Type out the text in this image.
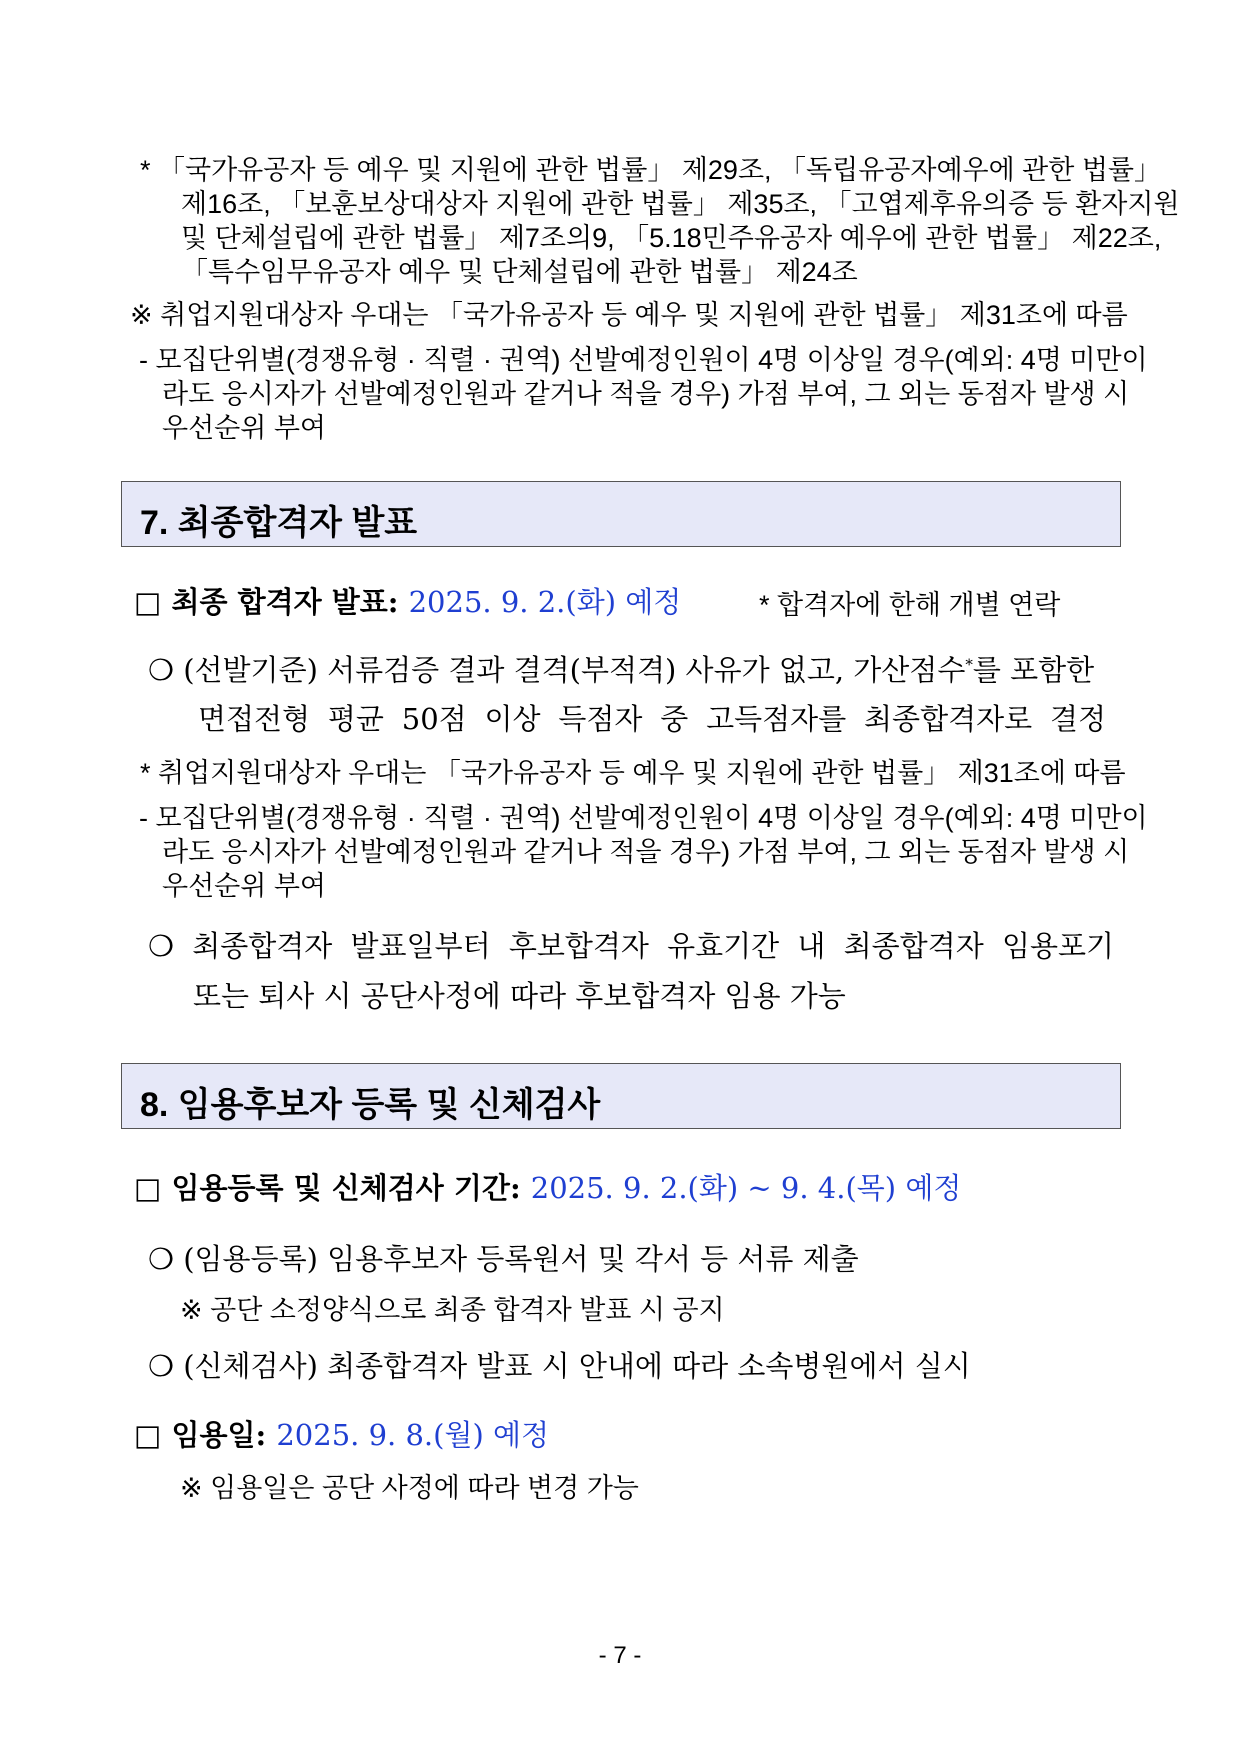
* 「국가유공자 등 예우 및 지원에 관한 법률」 제29조, 「독립유공자예우에 관한 법률」
제16조, 「보훈보상대상자 지원에 관한 법률」 제35조, 「고엽제후유의증 등 환자지원
및 단체설립에 관한 법률」 제7조의9, 「5.18민주유공자 예우에 관한 법률」 제22조,
「특수임무유공자 예우 및 단체설립에 관한 법률」 제24조
※ 취업지원대상자 우대는 「국가유공자 등 예우 및 지원에 관한 법률」 제31조에 따름
- 모집단위별(경쟁유형 · 직렬 · 권역) 선발예정인원이 4명 이상일 경우(예외: 4명 미만이
라도 응시자가 선발예정인원과 같거나 적을 경우) 가점 부여, 그 외는 동점자 발생 시
우선순위 부여
7. 최종합격자 발표
□ 최종 합격자 발표: 2025. 9. 2.(화) 예정	* 합격자에 한해 개별 연락
❍ (선발기준) 서류검증 결과 결격(부적격) 사유가 없고, 가산점수*를 포함한
면접전형 평균 50점 이상 득점자 중 고득점자를 최종합격자로 결정
* 취업지원대상자 우대는 「국가유공자 등 예우 및 지원에 관한 법률」 제31조에 따름
- 모집단위별(경쟁유형 · 직렬 · 권역) 선발예정인원이 4명 이상일 경우(예외: 4명 미만이
라도 응시자가 선발예정인원과 같거나 적을 경우) 가점 부여, 그 외는 동점자 발생 시
우선순위 부여
❍ 최종합격자 발표일부터 후보합격자 유효기간 내 최종합격자 임용포기
또는 퇴사 시 공단사정에 따라 후보합격자 임용 가능
8. 임용후보자 등록 및 신체검사
□ 임용등록 및 신체검사 기간: 2025. 9. 2.(화) ~ 9. 4.(목) 예정
❍ (임용등록) 임용후보자 등록원서 및 각서 등 서류 제출
※ 공단 소정양식으로 최종 합격자 발표 시 공지
❍ (신체검사) 최종합격자 발표 시 안내에 따라 소속병원에서 실시
□ 임용일: 2025. 9. 8.(월) 예정
※ 임용일은 공단 사정에 따라 변경 가능
- 7 -
